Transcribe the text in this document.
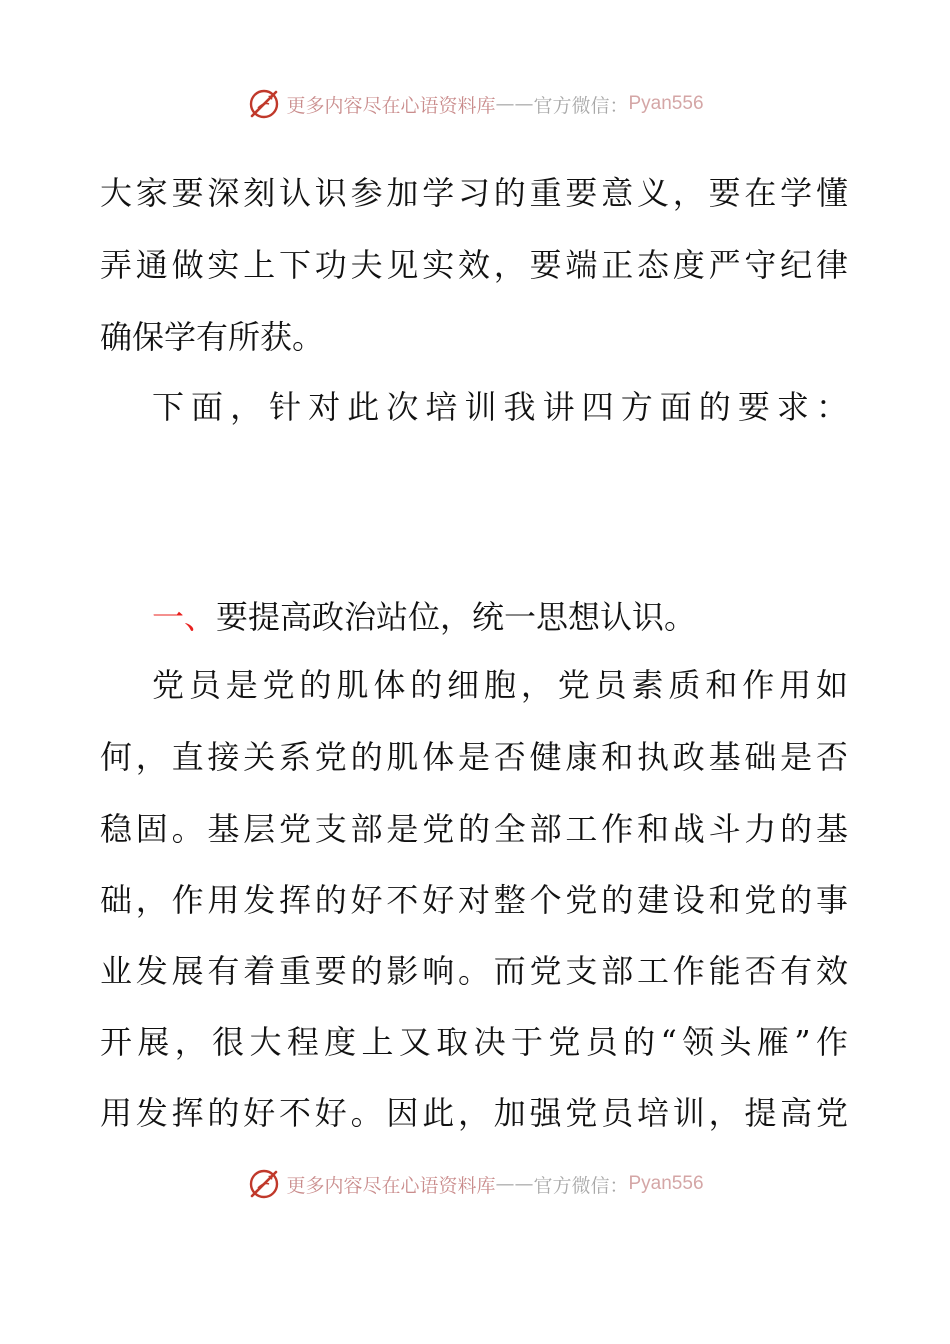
更多内容尽在心语资料库 —— 官方微信： Pyan556
大家要深刻认识参加学习的重要意义，要在学懂
弄通做实上下功夫见实效，要端正态度严守纪律
确保学有所获。
下面，针对此次培训我讲四方面的要求：
一、要提高政治站位，统一思想认识。
党员是党的肌体的细胞，党员素质和作用如
何，直接关系党的肌体是否健康和执政基础是否
稳固。基层党支部是党的全部工作和战斗力的基
础，作用发挥的好不好对整个党的建设和党的事
业发展有着重要的影响。而党支部工作能否有效
开展，很大程度上又取决于党员的“领头雁”作
用发挥的好不好。因此，加强党员培训，提高党
更多内容尽在心语资料库 —— 官方微信： Pyan556
